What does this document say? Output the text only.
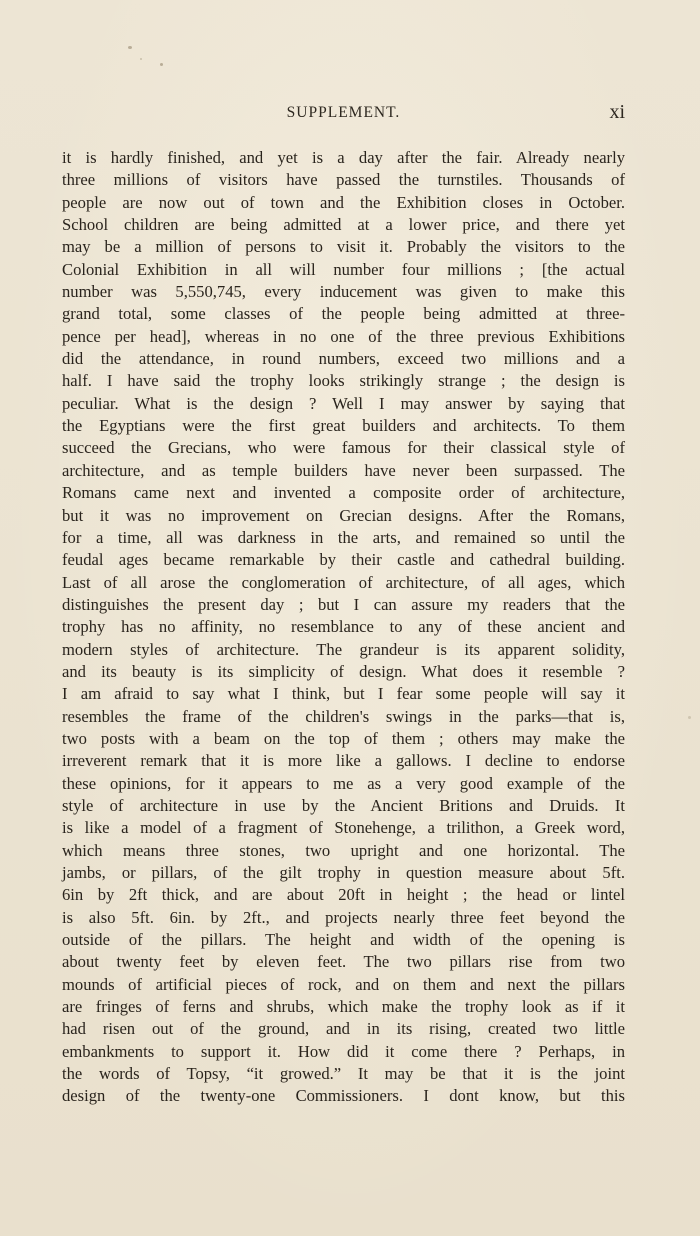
SUPPLEMENT.	xi
it is hardly finished, and yet is a day after the fair. Already nearly
three millions of visitors have passed the turnstiles. Thousands of
people are now out of town and the Exhibition closes in October.
School children are being admitted at a lower price, and there yet
may be a million of persons to visit it. Probably the visitors to the
Colonial Exhibition in all will number four millions ; [the actual
number was 5,550,745, every inducement was given to make this
grand total, some classes of the people being admitted at three-
pence per head], whereas in no one of the three previous Exhibitions
did the attendance, in round numbers, exceed two millions and a
half. I have said the trophy looks strikingly strange ; the design is
peculiar. What is the design ? Well I may answer by saying that
the Egyptians were the first great builders and architects. To them
succeed the Grecians, who were famous for their classical style of
architecture, and as temple builders have never been surpassed. The
Romans came next and invented a composite order of architecture,
but it was no improvement on Grecian designs. After the Romans,
for a time, all was darkness in the arts, and remained so until the
feudal ages became remarkable by their castle and cathedral building.
Last of all arose the conglomeration of architecture, of all ages, which
distinguishes the present day ; but I can assure my readers that the
trophy has no affinity, no resemblance to any of these ancient and
modern styles of architecture. The grandeur is its apparent solidity,
and its beauty is its simplicity of design. What does it resemble ?
I am afraid to say what I think, but I fear some people will say it
resembles the frame of the children's swings in the parks—that is,
two posts with a beam on the top of them ; others may make the
irreverent remark that it is more like a gallows. I decline to endorse
these opinions, for it appears to me as a very good example of the
style of architecture in use by the Ancient Britions and Druids. It
is like a model of a fragment of Stonehenge, a trilithon, a Greek word,
which means three stones, two upright and one horizontal. The
jambs, or pillars, of the gilt trophy in question measure about 5ft.
6in by 2ft thick, and are about 20ft in height ; the head or lintel
is also 5ft. 6in. by 2ft., and projects nearly three feet beyond the
outside of the pillars. The height and width of the opening is
about twenty feet by eleven feet. The two pillars rise from two
mounds of artificial pieces of rock, and on them and next the pillars
are fringes of ferns and shrubs, which make the trophy look as if it
had risen out of the ground, and in its rising, created two little
embankments to support it. How did it come there ? Perhaps, in
the words of Topsy, “it growed.” It may be that it is the joint
design of the twenty-one Commissioners. I dont know, but this
